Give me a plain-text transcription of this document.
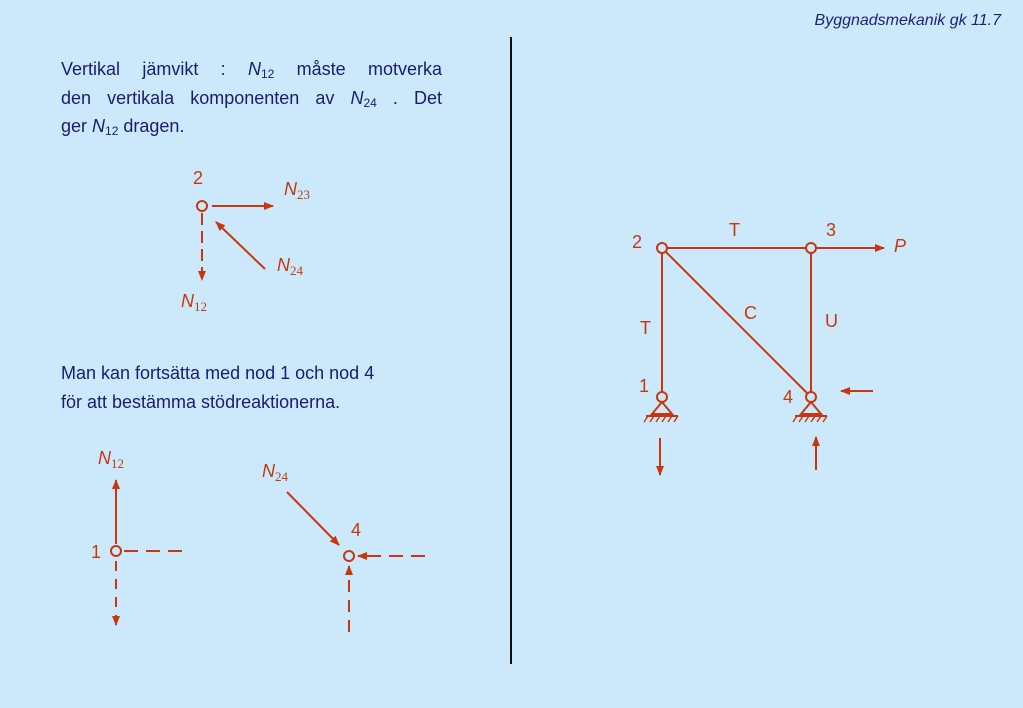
Byggnadsmekanik gk 11.7
Vertikal jämvikt : $N_{12}$ måste motverka
den vertikala komponenten av $N_{24}$ . Det
ger $N_{12}$ dragen.
Man kan fortsätta med nod 1 och nod 4
för att bestämma stödreaktionerna.
2
$N_{23}$
$N_{24}$
$N_{12}$
1
$N_{12}$
4
$N_{24}$
2
3
1
4
T
T
C	U
P
